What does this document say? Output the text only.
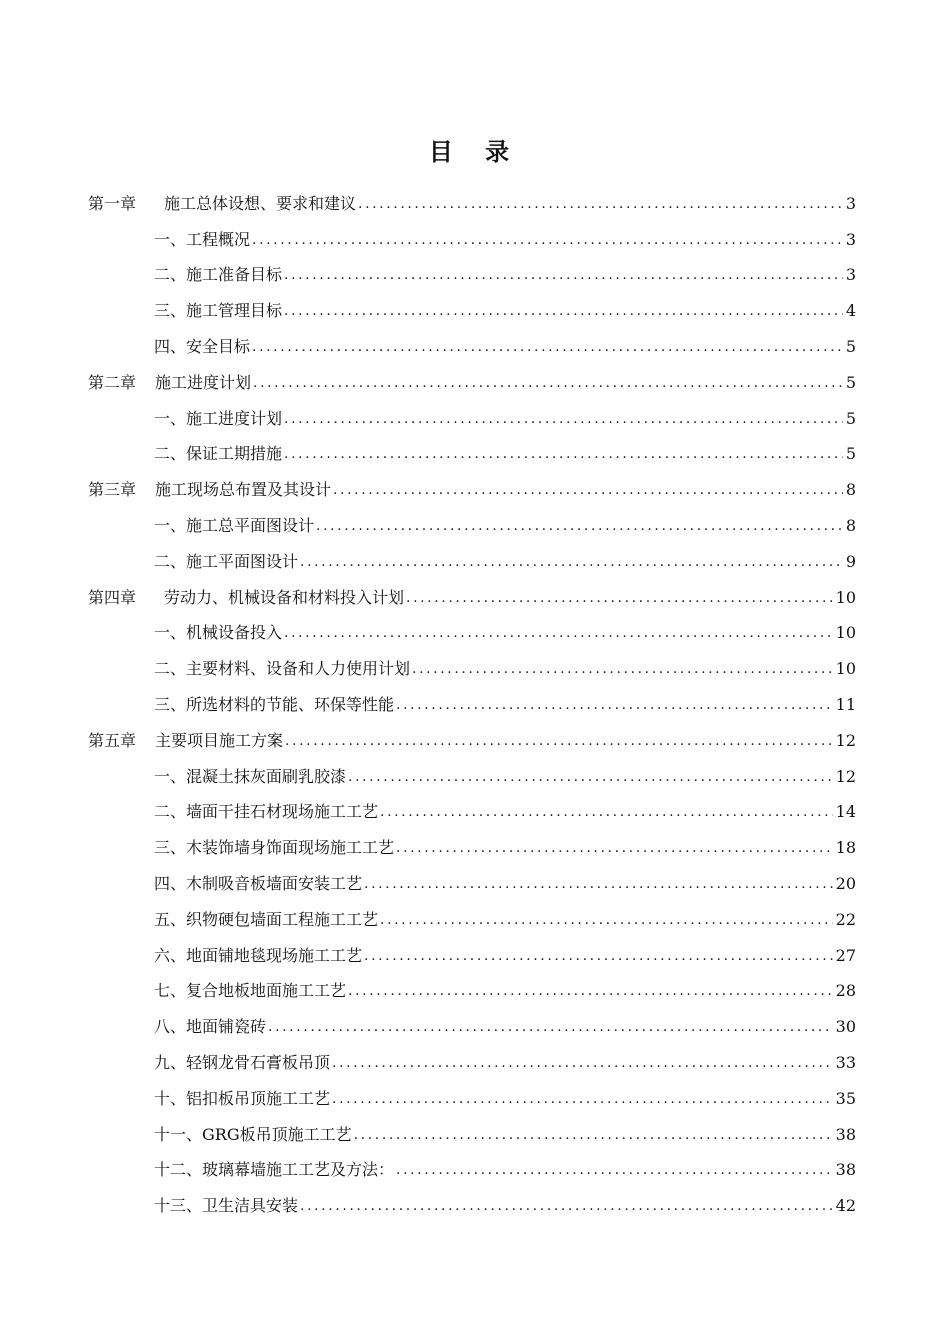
目 录
第一章 施工总体设想、要求和建议 .....	3
一、工程概况 .....	3
二、施工准备目标 .....	3
三、施工管理目标 .....	4
四、安全目标 .....	5
第二章 施工进度计划 .....	5
一、施工进度计划 .....	5
二、保证工期措施 .....	5
第三章 施工现场总布置及其设计 .....	8
一、施工总平面图设计 .....	8
二、施工平面图设计 .....	9
第四章 劳动力、机械设备和材料投入计划 .....	10
一、机械设备投入 .....	10
二、主要材料、设备和人力使用计划 .....	10
三、所选材料的节能、环保等性能 .....	11
第五章 主要项目施工方案 .....	12
一、混凝土抹灰面刷乳胶漆 .....	12
二、墙面干挂石材现场施工工艺 .....	14
三、木装饰墙身饰面现场施工工艺 .....	18
四、木制吸音板墙面安装工艺 .....	20
五、织物硬包墙面工程施工工艺 .....	22
六、地面铺地毯现场施工工艺 .....	27
七、复合地板地面施工工艺 .....	28
八、地面铺瓷砖 .....	30
九、轻钢龙骨石膏板吊顶 .....	33
十、铝扣板吊顶施工工艺 .....	35
十一、GRG板吊顶施工工艺 .....	38
十二、玻璃幕墙施工工艺及方法： .....	38
十三、卫生洁具安装 .....	42
